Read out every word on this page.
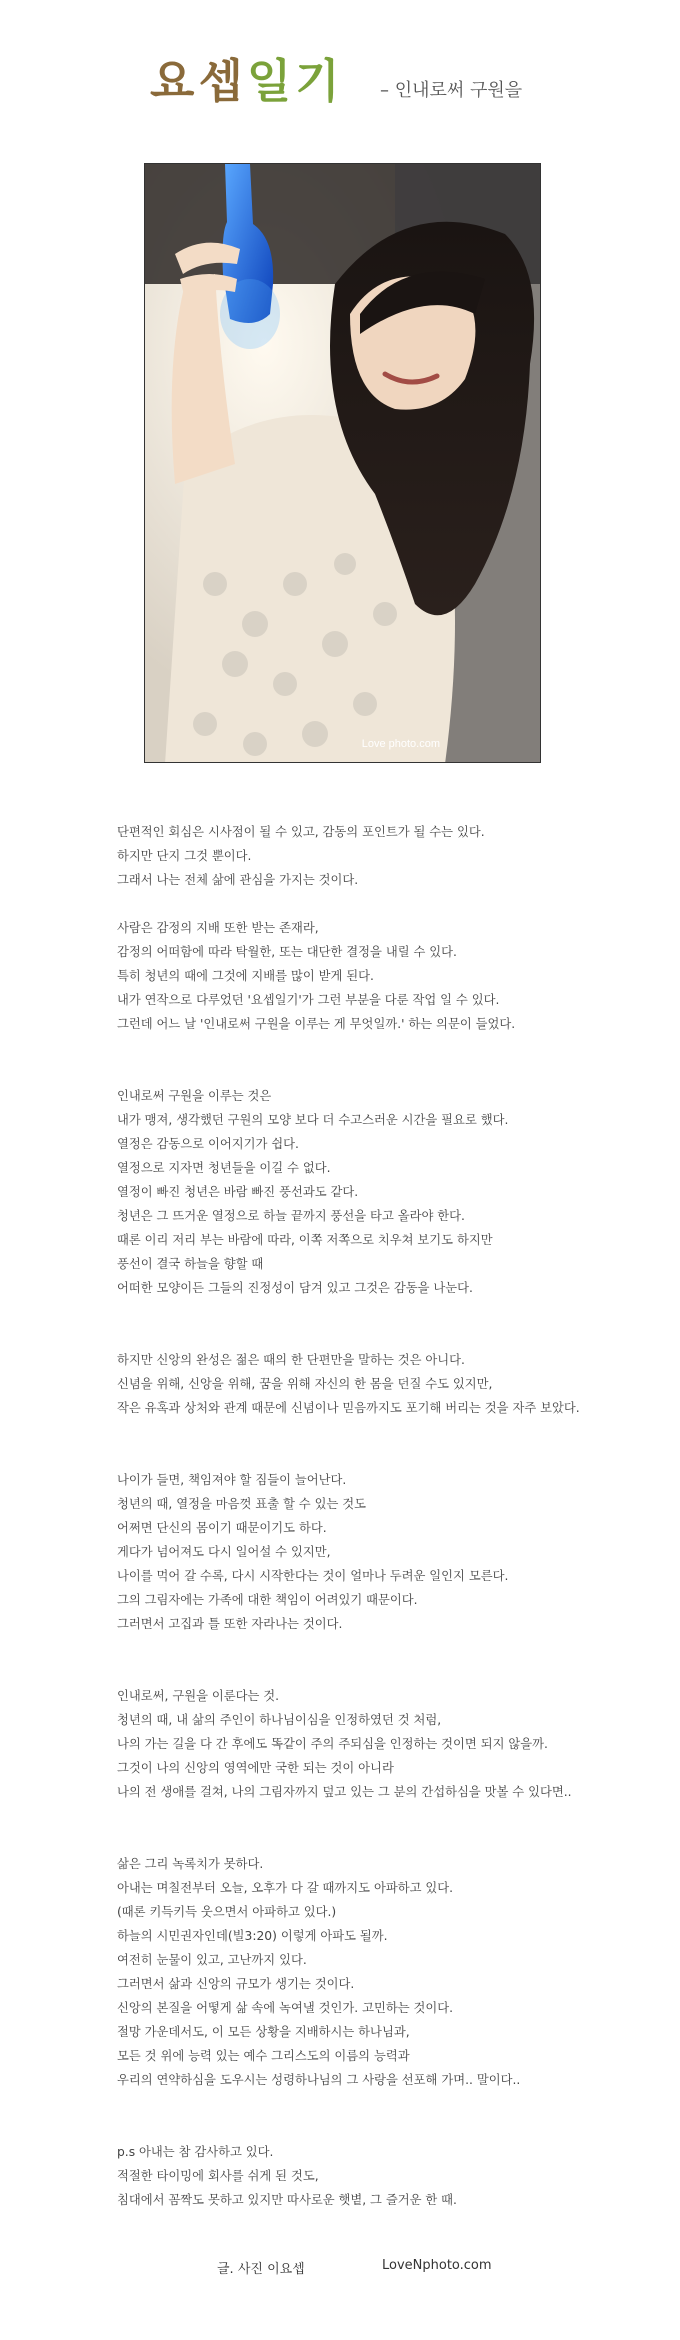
요셉일기 – 인내로써 구원을
Love photo.com
단편적인 회심은 시사점이 될 수 있고, 감동의 포인트가 될 수는 있다.
하지만 단지 그것 뿐이다.
그래서 나는 전체 삶에 관심을 가지는 것이다.
사람은 감정의 지배 또한 받는 존재라,
감정의 어떠함에 따라 탁월한, 또는 대단한 결정을 내릴 수 있다.
특히 청년의 때에 그것에 지배를 많이 받게 된다.
내가 연작으로 다루었던 '요셉일기'가 그런 부분을 다룬 작업 일 수 있다.
그런데 어느 날 '인내로써 구원을 이루는 게 무엇일까.' 하는 의문이 들었다.
인내로써 구원을 이루는 것은
내가 맹져, 생각했던 구원의 모양 보다 더 수고스러운 시간을 필요로 했다.
열정은 감동으로 이어지기가 쉽다.
열정으로 지자면 청년들을 이길 수 없다.
열정이 빠진 청년은 바람 빠진 풍선과도 같다.
청년은 그 뜨거운 열정으로 하늘 끝까지 풍선을 타고 올라야 한다.
때론 이리 저리 부는 바람에 따라, 이쪽 저쪽으로 치우쳐 보기도 하지만
풍선이 결국 하늘을 향할 때
어떠한 모양이든 그들의 진정성이 담겨 있고 그것은 감동을 나눈다.
하지만 신앙의 완성은 젊은 때의 한 단편만을 말하는 것은 아니다.
신념을 위해, 신앙을 위해, 꿈을 위해 자신의 한 몸을 던질 수도 있지만,
작은 유혹과 상처와 관계 때문에 신념이나 믿음까지도 포기해 버리는 것을 자주 보았다.
나이가 들면, 책임져야 할 짐들이 늘어난다.
청년의 때, 열정을 마음껏 표출 할 수 있는 것도
어쩌면 단신의 몸이기 때문이기도 하다.
게다가 넘어져도 다시 일어설 수 있지만,
나이를 먹어 갈 수록, 다시 시작한다는 것이 얼마나 두려운 일인지 모른다.
그의 그림자에는 가족에 대한 책임이 어려있기 때문이다.
그러면서 고집과 틀 또한 자라나는 것이다.
인내로써, 구원을 이룬다는 것.
청년의 때, 내 삶의 주인이 하나님이심을 인정하였던 것 처럼,
나의 가는 길을 다 간 후에도 똑같이 주의 주되심을 인정하는 것이면 되지 않을까.
그것이 나의 신앙의 영역에만 국한 되는 것이 아니라
나의 전 생애를 걸쳐, 나의 그림자까지 덮고 있는 그 분의 간섭하심을 맛볼 수 있다면..
삶은 그리 녹록치가 못하다.
아내는 며칠전부터 오늘, 오후가 다 갈 때까지도 아파하고 있다.
(때론 키득키득 웃으면서 아파하고 있다.)
하늘의 시민권자인데(빌3:20) 이렇게 아파도 될까.
여전히 눈물이 있고, 고난까지 있다.
그러면서 삶과 신앙의 규모가 생기는 것이다.
신앙의 본질을 어떻게 삶 속에 녹여낼 것인가. 고민하는 것이다.
절망 가운데서도, 이 모든 상황을 지배하시는 하나님과,
모든 것 위에 능력 있는 예수 그리스도의 이름의 능력과
우리의 연약하심을 도우시는 성령하나님의 그 사랑을 선포해 가며.. 말이다..
p.s 아내는 참 감사하고 있다.
적절한 타이밍에 회사를 쉬게 된 것도,
침대에서 꼼짝도 못하고 있지만 따사로운 햇볕, 그 즐거운 한 때.
글. 사진 이요셉	LoveNphoto.com
